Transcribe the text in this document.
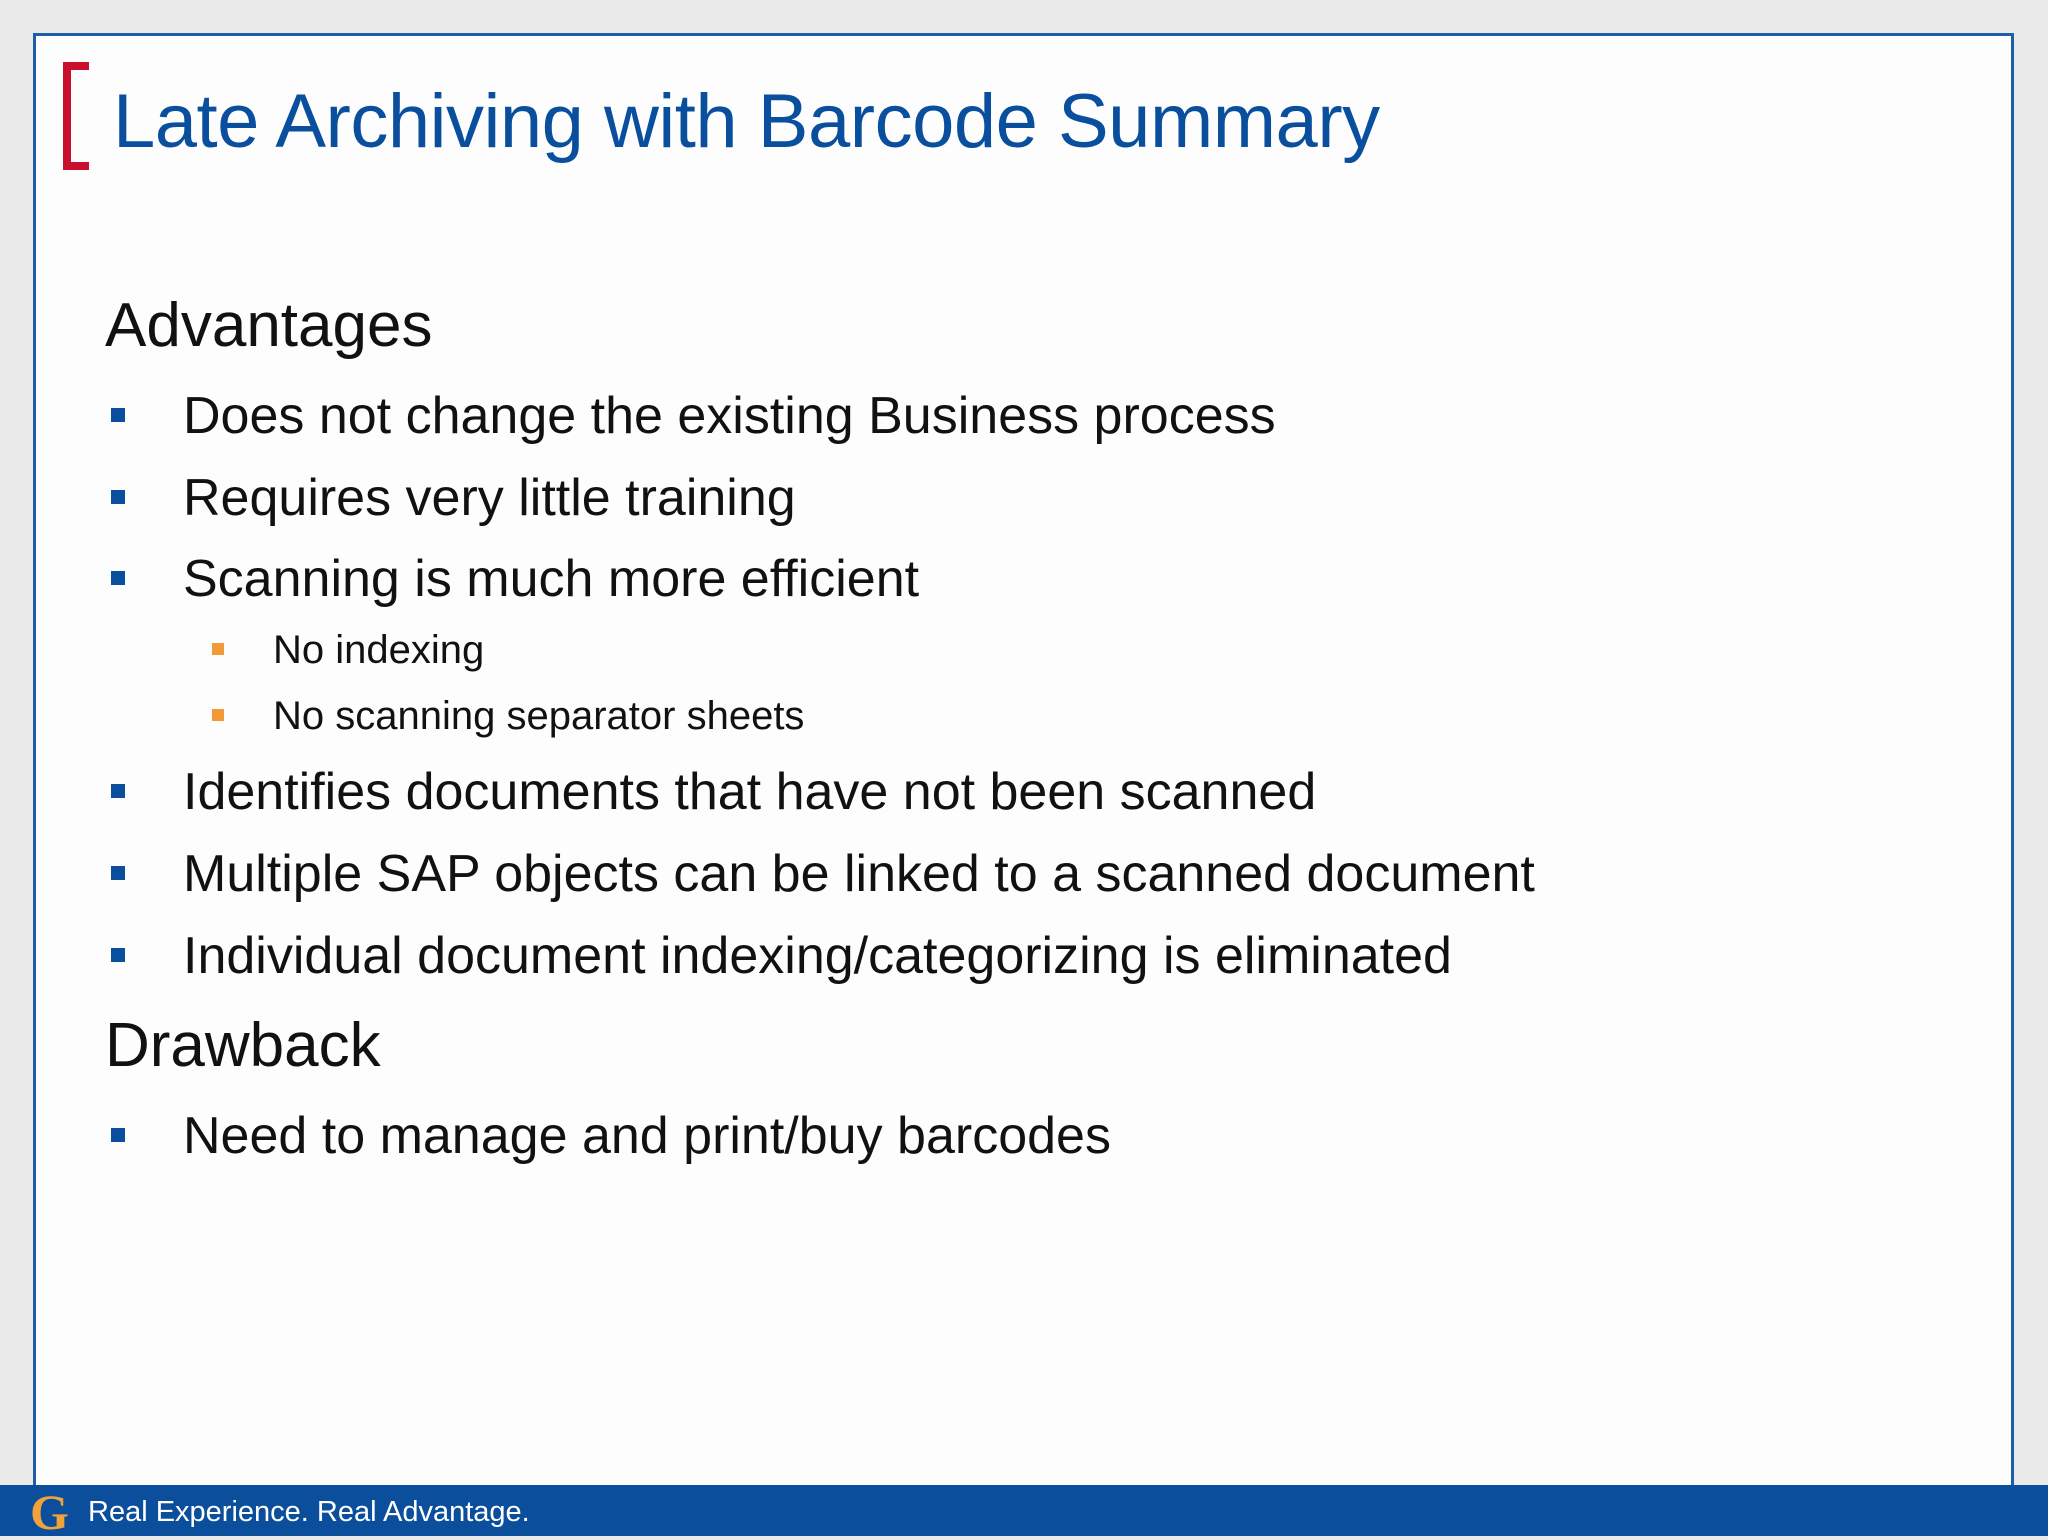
Late Archiving with Barcode Summary
Advantages
Does not change the existing Business process
Requires very little training
Scanning is much more efficient
No indexing
No scanning separator sheets
Identifies documents that have not been scanned
Multiple SAP objects can be linked to a scanned document
Individual document indexing/categorizing is eliminated
Drawback
Need to manage and print/buy barcodes
G Real Experience. Real Advantage.
